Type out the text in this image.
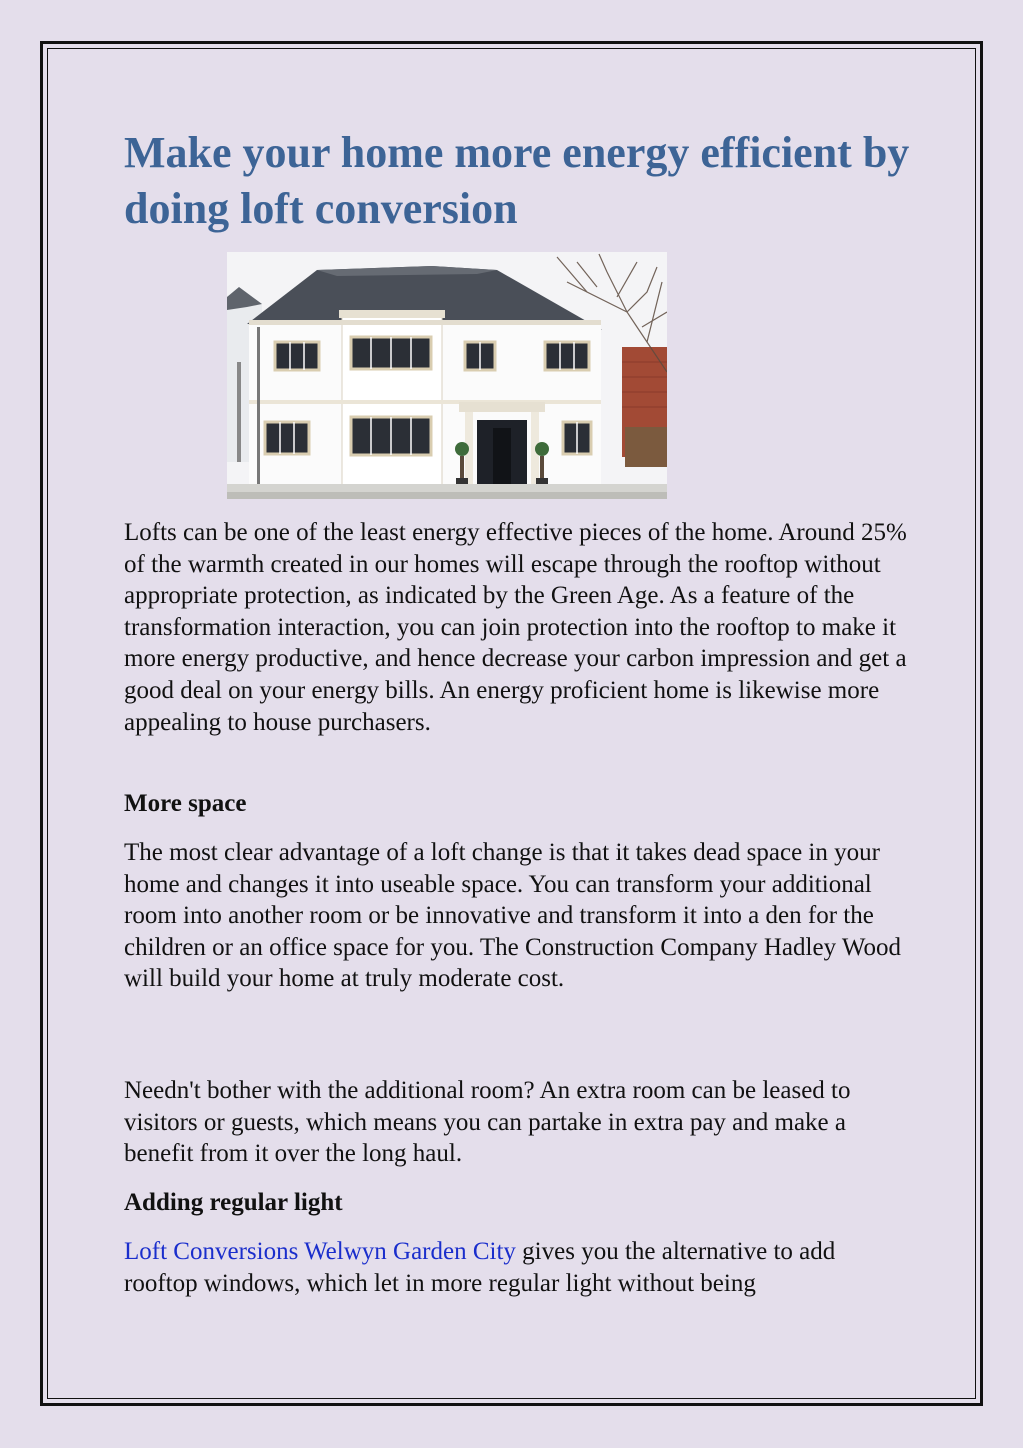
Make your home more energy efficient by doing loft conversion

Lofts can be one of the least energy effective pieces of the home. Around 25% of the warmth created in our homes will escape through the rooftop without appropriate protection, as indicated by the Green Age. As a feature of the transformation interaction, you can join protection into the rooftop to make it more energy productive, and hence decrease your carbon impression and get a good deal on your energy bills. An energy proficient home is likewise more appealing to house purchasers.

More space

The most clear advantage of a loft change is that it takes dead space in your home and changes it into useable space. You can transform your additional room into another room or be innovative and transform it into a den for the children or an office space for you. The Construction Company Hadley Wood will build your home at truly moderate cost.

Needn't bother with the additional room? An extra room can be leased to visitors or guests, which means you can partake in extra pay and make a benefit from it over the long haul.

Adding regular light

Loft Conversions Welwyn Garden City gives you the alternative to add rooftop windows, which let in more regular light without being
